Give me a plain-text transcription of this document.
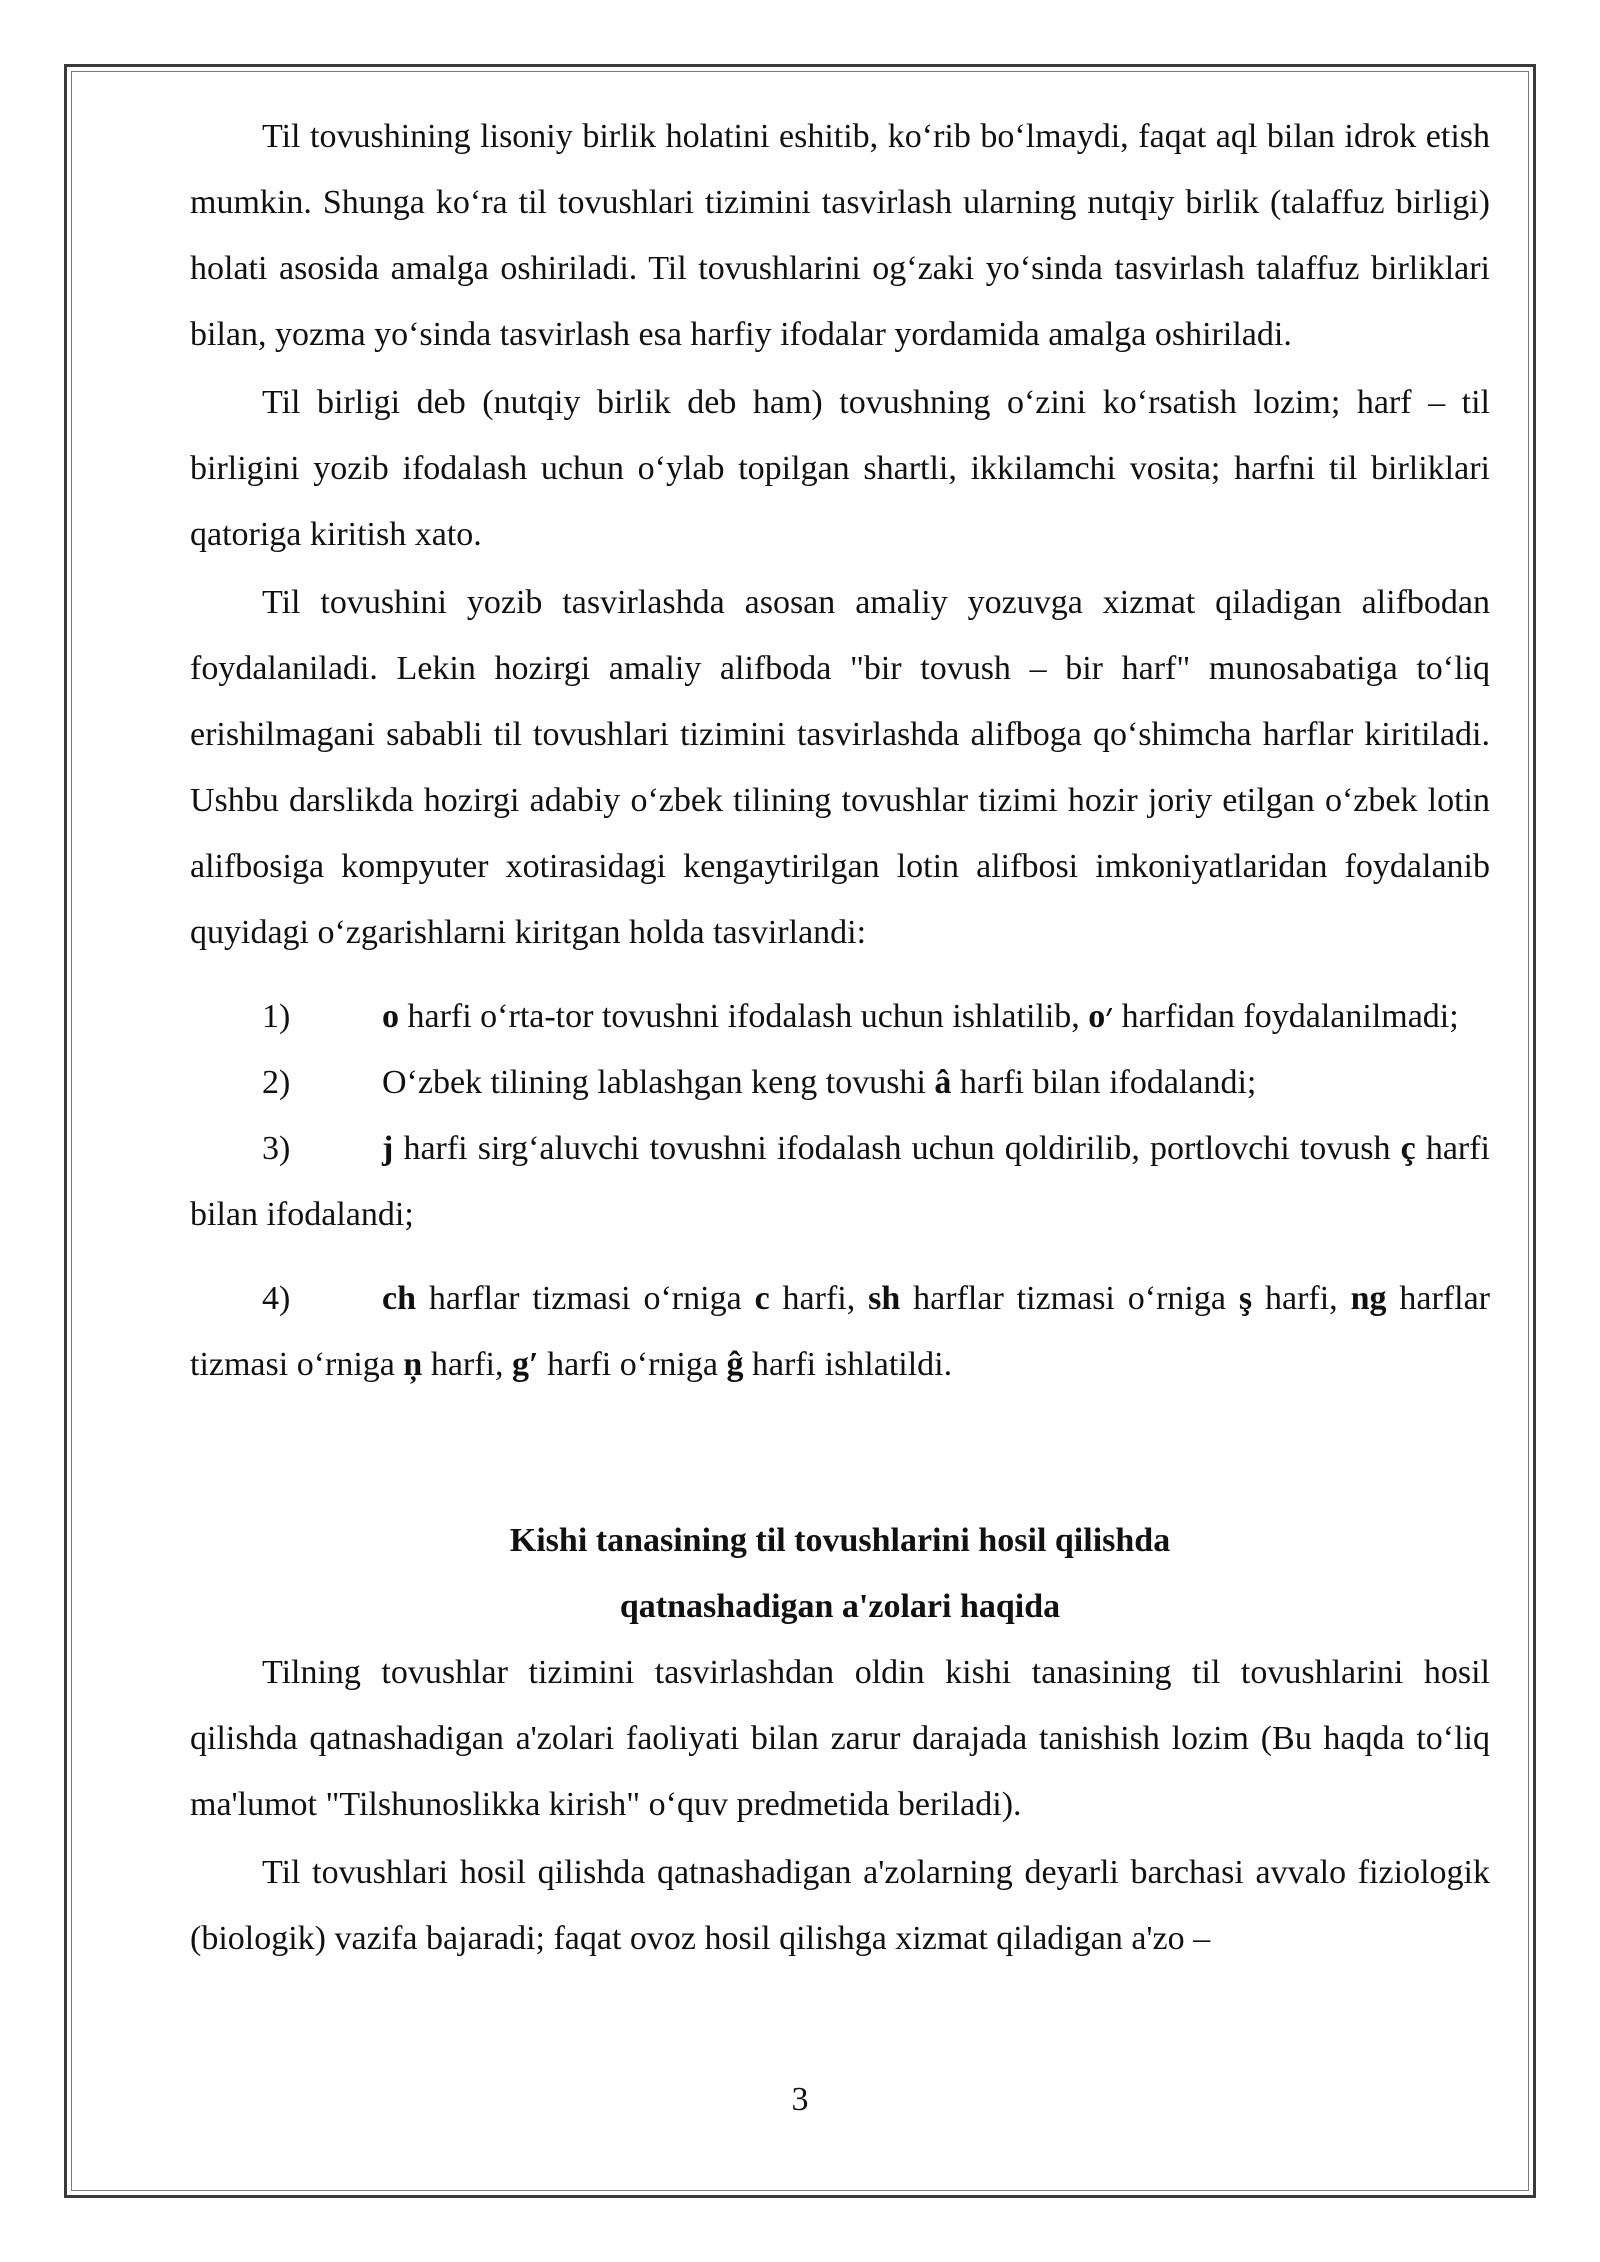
Til tovushining lisoniy birlik holatini eshitib, ko‘rib bo‘lmaydi, faqat aql bilan idrok etish mumkin. Shunga ko‘ra til tovushlari tizimini tasvirlash ularning nutqiy birlik (talaffuz birligi) holati asosida amalga oshiriladi. Til tovushlarini og‘zaki yo‘sinda tasvirlash talaffuz birliklari bilan, yozma yo‘sinda tasvirlash esa harfiy ifodalar yordamida amalga oshiriladi.

Til birligi deb (nutqiy birlik deb ham) tovushning o‘zini ko‘rsatish lozim; harf – til birligini yozib ifodalash uchun o‘ylab topilgan shartli, ikkilamchi vosita; harfni til birliklari qatoriga kiritish xato.

Til tovushini yozib tasvirlashda asosan amaliy yozuvga xizmat qiladigan alifbodan foydalaniladi. Lekin hozirgi amaliy alifboda "bir tovush – bir harf" munosabatiga to‘liq erishilmagani sababli til tovushlari tizimini tasvirlashda alifboga qo‘shimcha harflar kiritiladi. Ushbu darslikda hozirgi adabiy o‘zbek tilining tovushlar tizimi hozir joriy etilgan o‘zbek lotin alifbosiga kompyuter xotirasidagi kengaytirilgan lotin alifbosi imkoniyatlaridan foydalanib quyidagi o‘zgarishlarni kiritgan holda tasvirlandi:

1)	o harfi o‘rta-tor tovushni ifodalash uchun ishlatilib, o׳ harfidan foydalanilmadi;
2)	O‘zbek tilining lablashgan keng tovushi â harfi bilan ifodalandi;
3)	j harfi sirg‘aluvchi tovushni ifodalash uchun qoldirilib, portlovchi tovush ç harfi bilan ifodalandi;
4)	ch harflar tizmasi o‘rniga c harfi, sh harflar tizmasi o‘rniga ş harfi, ng harflar tizmasi o‘rniga ņ harfi, g′ harfi o‘rniga ĝ harfi ishlatildi.
Kishi tanasining til tovushlarini hosil qilishda
qatnashadigan a'zolari haqida

Tilning tovushlar tizimini tasvirlashdan oldin kishi tanasining til tovushlarini hosil qilishda qatnashadigan a'zolari faoliyati bilan zarur darajada tanishish lozim (Bu haqda to‘liq ma'lumot "Tilshunoslikka kirish" o‘quv predmetida beriladi).

Til tovushlari hosil qilishda qatnashadigan a'zolarning deyarli barchasi avvalo fiziologik (biologik) vazifa bajaradi; faqat ovoz hosil qilishga xizmat qiladigan a'zo –

3
